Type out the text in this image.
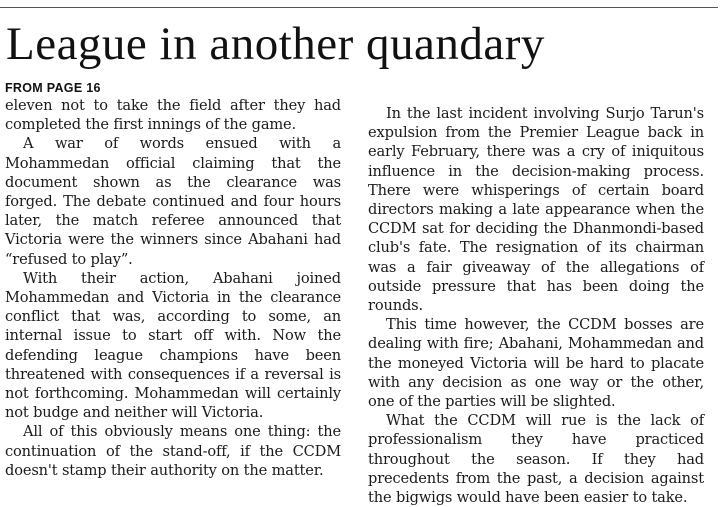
League in another quandary
FROM PAGE 16

eleven not to take the field after they had completed the first innings of the game.

A war of words ensued with a Mohammedan official claiming that the document shown as the clearance was forged. The debate continued and four hours later, the match referee announced that Victoria were the winners since Abahani had “refused to play”.

With their action, Abahani joined Mohammedan and Victoria in the clearance conflict that was, according to some, an internal issue to start off with. Now the defending league champions have been threatened with consequences if a reversal is not forthcoming. Mohammedan will certainly not budge and neither will Victoria.

All of this obviously means one thing: the continuation of the stand-off, if the CCDM doesn't stamp their authority on the matter.

In the last incident involving Surjo Tarun's expulsion from the Premier League back in early February, there was a cry of iniquitous influence in the decision-making process. There were whisperings of certain board directors making a late appearance when the CCDM sat for deciding the Dhanmondi-based club's fate. The resignation of its chairman was a fair giveaway of the allegations of outside pressure that has been doing the rounds.

This time however, the CCDM bosses are dealing with fire; Abahani, Mohammedan and the moneyed Victoria will be hard to placate with any decision as one way or the other, one of the parties will be slighted.

What the CCDM will rue is the lack of professionalism they have practiced throughout the season. If they had precedents from the past, a decision against the bigwigs would have been easier to take.
